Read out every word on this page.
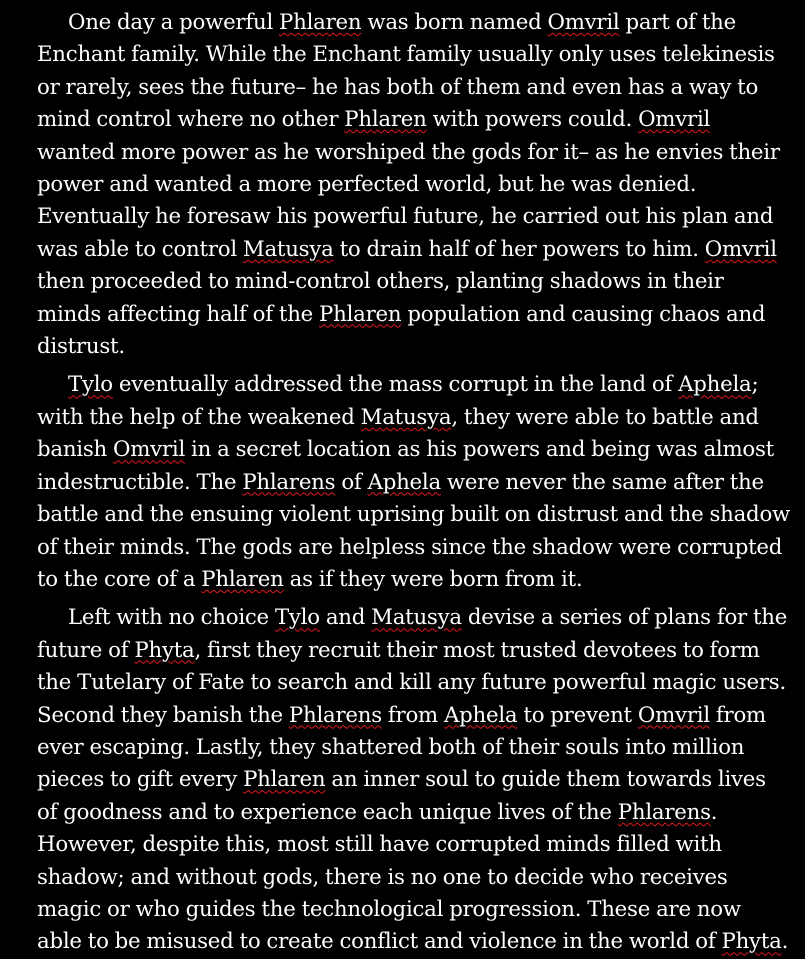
One day a powerful Phlaren was born named Omvril part of the Enchant family. While the Enchant family usually only uses telekinesis or rarely, sees the future– he has both of them and even has a way to mind control where no other Phlaren with powers could. Omvril wanted more power as he worshiped the gods for it– as he envies their power and wanted a more perfected world, but he was denied. Eventually he foresaw his powerful future, he carried out his plan and was able to control Matusya to drain half of her powers to him. Omvril then proceeded to mind-control others, planting shadows in their minds affecting half of the Phlaren population and causing chaos and distrust.

Tylo eventually addressed the mass corrupt in the land of Aphela; with the help of the weakened Matusya, they were able to battle and banish Omvril in a secret location as his powers and being was almost indestructible. The Phlarens of Aphela were never the same after the battle and the ensuing violent uprising built on distrust and the shadow of their minds. The gods are helpless since the shadow were corrupted to the core of a Phlaren as if they were born from it.

Left with no choice Tylo and Matusya devise a series of plans for the future of Phyta, first they recruit their most trusted devotees to form the Tutelary of Fate to search and kill any future powerful magic users. Second they banish the Phlarens from Aphela to prevent Omvril from ever escaping. Lastly, they shattered both of their souls into million pieces to gift every Phlaren an inner soul to guide them towards lives of goodness and to experience each unique lives of the Phlarens. However, despite this, most still have corrupted minds filled with shadow; and without gods, there is no one to decide who receives magic or who guides the technological progression. These are now able to be misused to create conflict and violence in the world of Phyta.
